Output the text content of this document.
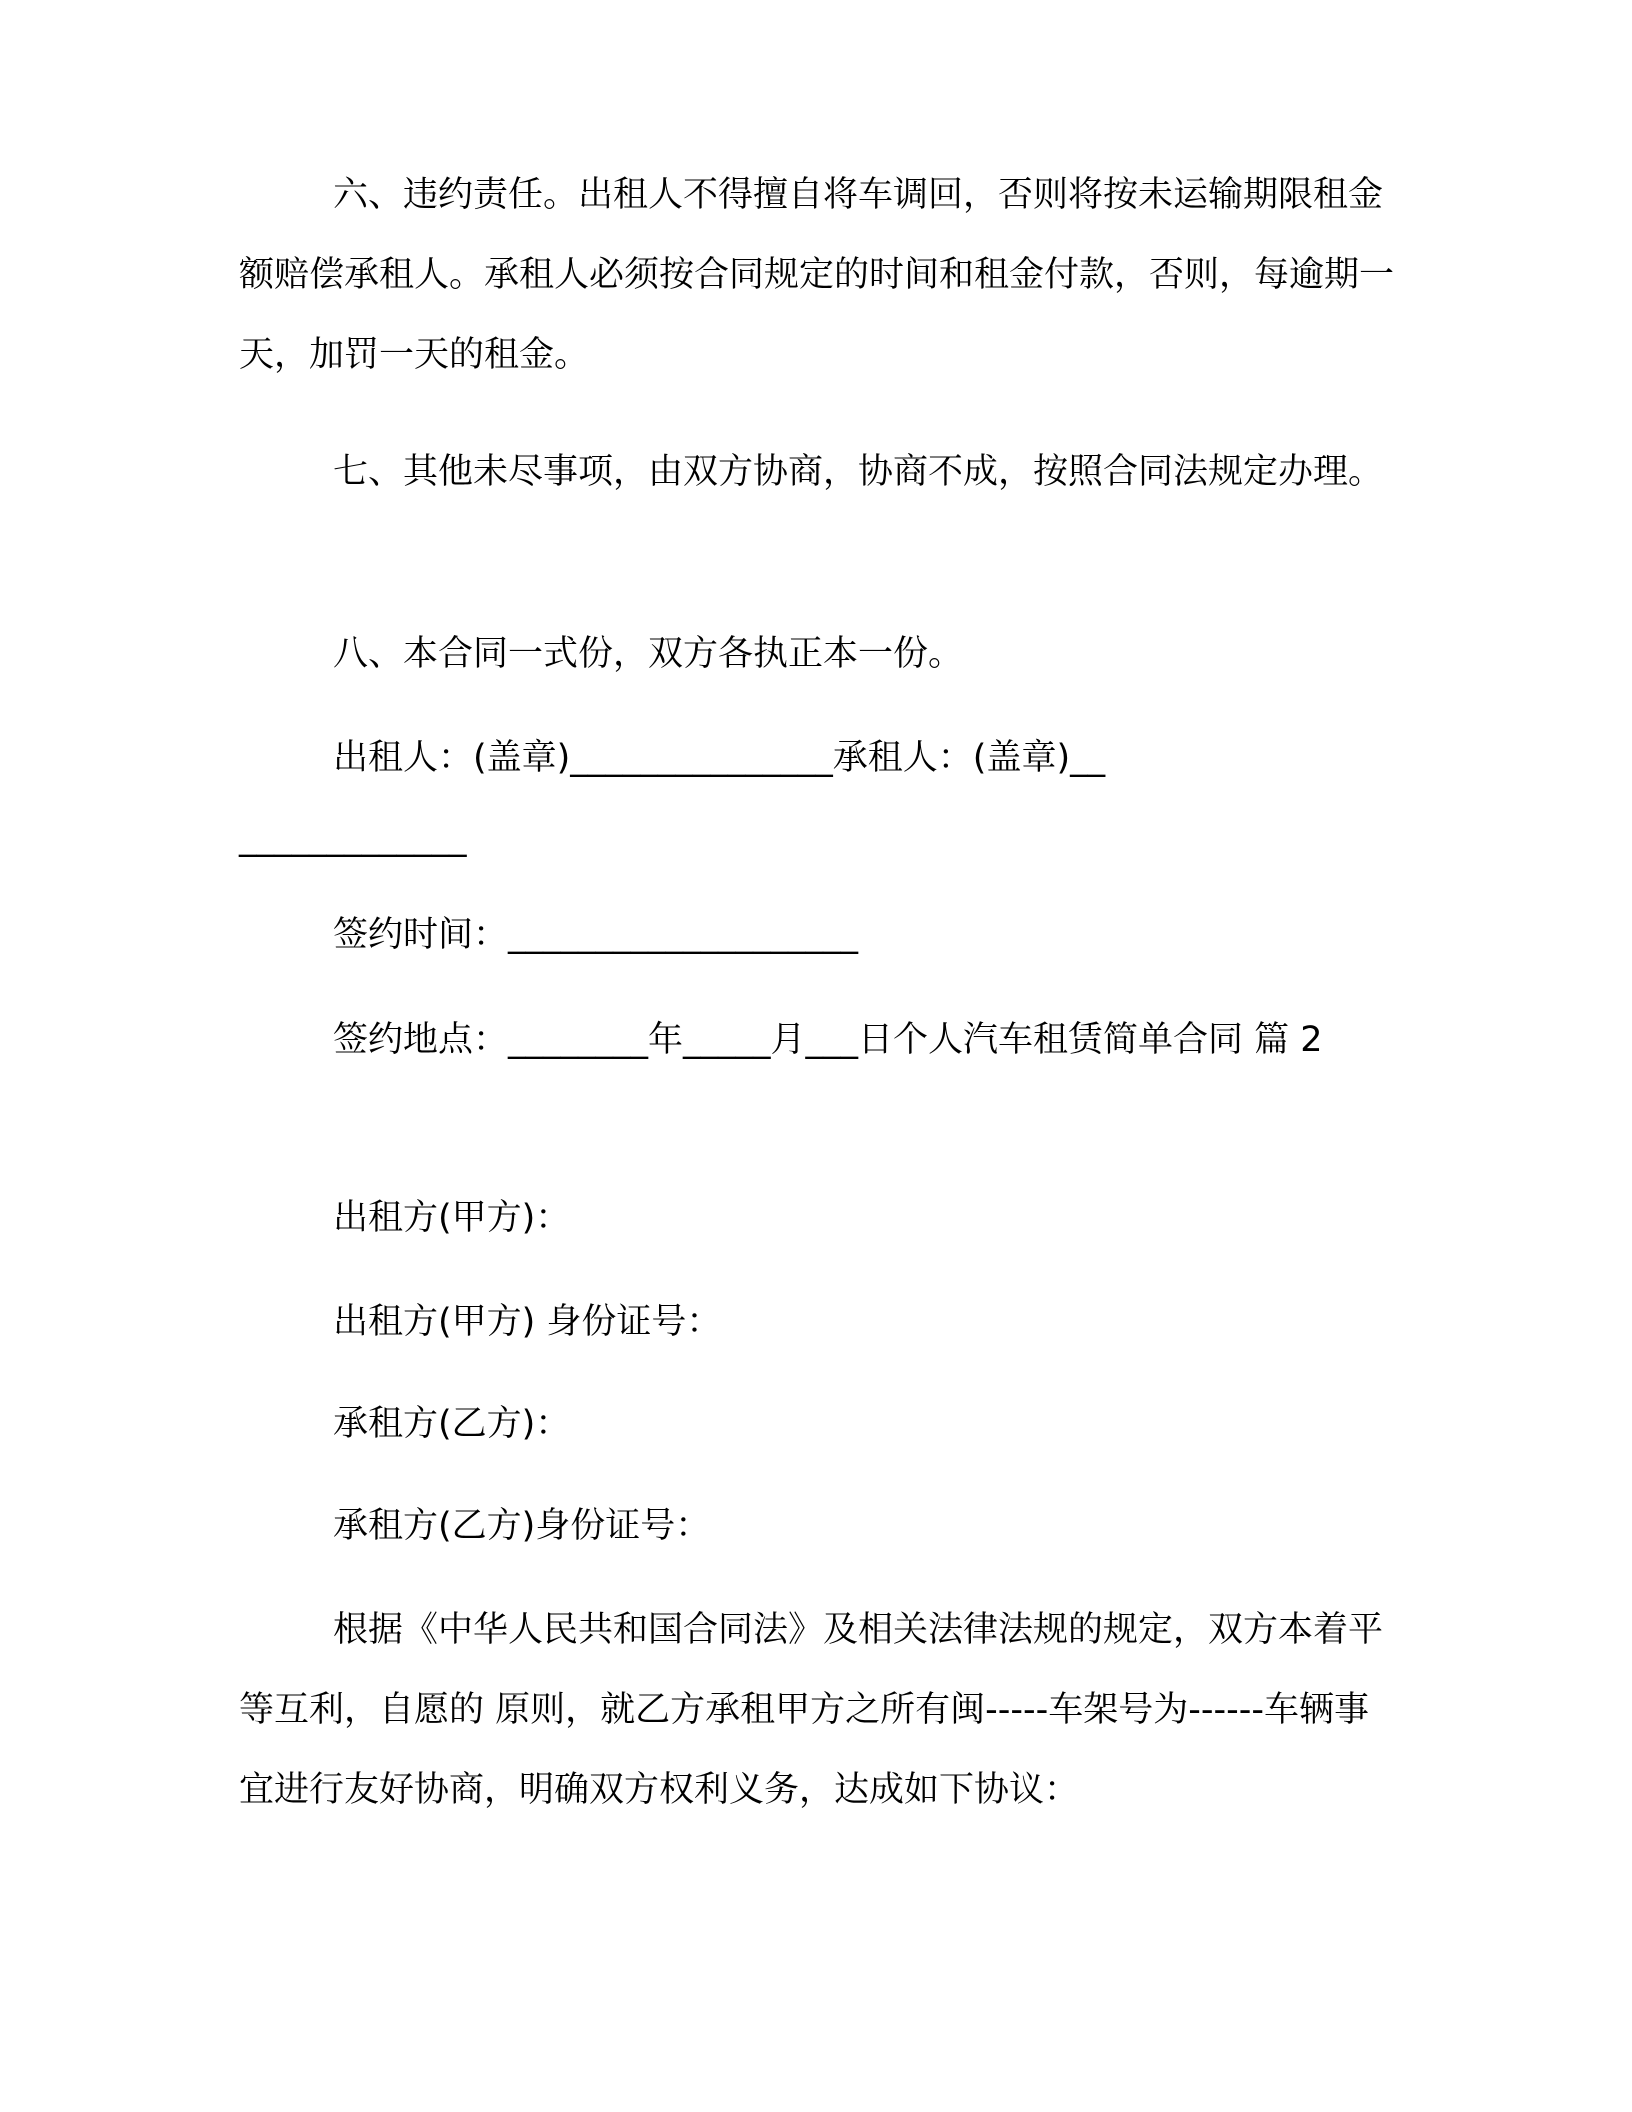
六、违约责任。出租人不得擅自将车调回，否则将按未运输期限租金额赔偿承租人。承租人必须按合同规定的时间和租金付款，否则，每逾期一天，加罚一天的租金。

七、其他未尽事项，由双方协商，协商不成，按照合同法规定办理。

八、本合同一式份，双方各执正本一份。

出租人：(盖章)_______________承租人：(盖章)_______________

签约时间：____________________

签约地点：________年_____月___日个人汽车租赁简单合同 篇 2

出租方(甲方)：

出租方(甲方) 身份证号：

承租方(乙方)：

承租方(乙方)身份证号：

根据《中华人民共和国合同法》及相关法律法规的规定，双方本着平等互利，自愿的 原则，就乙方承租甲方之所有闽-----车架号为------车辆事宜进行友好协商，明确双方权利义务，达成如下协议：
